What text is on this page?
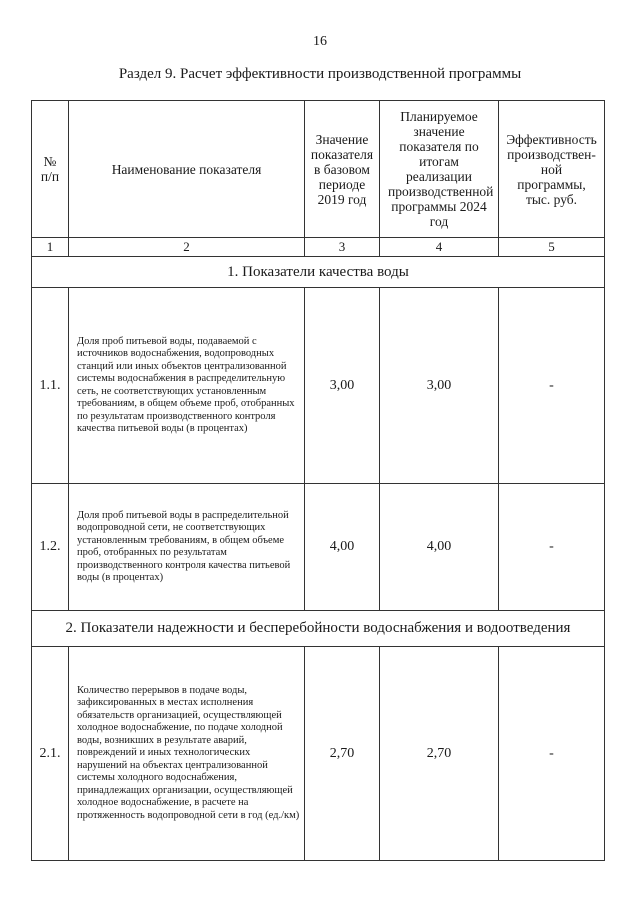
16
Раздел 9. Расчет эффективности производственной программы
№ п/п	Наименование показателя	Значение показателя в базовом периоде 2019 год	Планируемое значение показателя по итогам реализации производственной программы 2024 год	Эффективность производствен-ной программы, тыс. руб.
1	2	3	4	5
1. Показатели качества воды				
1.1.	Доля проб питьевой воды, подаваемой с источников водоснабжения, водопроводных станций или иных объектов централизованной системы водоснабжения в распределительную сеть, не соответствующих установленным требованиям, в общем объеме проб, отобранных по результатам производственного контроля качества питьевой воды (в процентах)	3,00	3,00	-
1.2.	Доля проб питьевой воды в распределительной водопроводной сети, не соответствующих установленным требованиям, в общем объеме проб, отобранных по результатам производственного контроля качества питьевой воды (в процентах)	4,00	4,00	-
2. Показатели надежности и бесперебойности водоснабжения и водоотведения				
2.1.	Количество перерывов в подаче воды, зафиксированных в местах исполнения обязательств организацией, осуществляющей холодное водоснабжение, по подаче холодной воды, возникших в результате аварий, повреждений и иных технологических нарушений на объектах централизованной системы холодного водоснабжения, принадлежащих организации, осуществляющей холодное водоснабжение, в расчете на протяженность водопроводной сети в год (ед./км)	2,70	2,70	-
